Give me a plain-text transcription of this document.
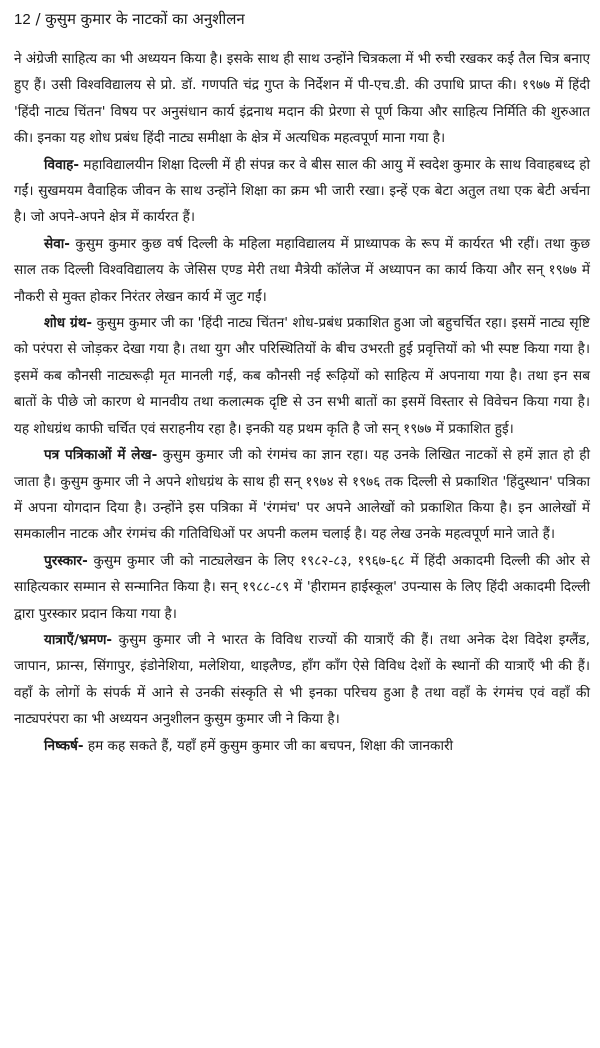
12 / कुसुम कुमार के नाटकों का अनुशीलन

ने अंग्रेजी साहित्य का भी अध्ययन किया है। इसके साथ ही साथ उन्होंने चित्रकला में भी रुची रखकर कई तैल चित्र बनाए हुए हैं। उसी विश्वविद्यालय से प्रो. डॉ. गणपति चंद्र गुप्त के निर्देशन में पी-एच.डी. की उपाधि प्राप्त की। १९७७ में हिंदी 'हिंदी नाट्य चिंतन' विषय पर अनुसंधान कार्य इंद्रनाथ मदान की प्रेरणा से पूर्ण किया और साहित्य निर्मिति की शुरुआत की। इनका यह शोध प्रबंध हिंदी नाट्य समीक्षा के क्षेत्र में अत्यधिक महत्वपूर्ण माना गया है।

विवाह- महाविद्यालयीन शिक्षा दिल्ली में ही संपन्न कर वे बीस साल की आयु में स्वदेश कुमार के साथ विवाहबध्द हो गईं। सुखमयम वैवाहिक जीवन के साथ उन्होंने शिक्षा का क्रम भी जारी रखा। इन्हें एक बेटा अतुल तथा एक बेटी अर्चना है। जो अपने-अपने क्षेत्र में कार्यरत हैं।

सेवा- कुसुम कुमार कुछ वर्ष दिल्ली के महिला महाविद्यालय में प्राध्यापक के रूप में कार्यरत भी रहीं। तथा कुछ साल तक दिल्ली विश्वविद्यालय के जेसिस एण्ड मेरी तथा मैत्रेयी कॉलेज में अध्यापन का कार्य किया और सन् १९७७ में नौकरी से मुक्त होकर निरंतर लेखन कार्य में जुट गईं।

शोध ग्रंथ- कुसुम कुमार जी का 'हिंदी नाट्य चिंतन' शोध-प्रबंध प्रकाशित हुआ जो बहुचर्चित रहा। इसमें नाट्य सृष्टि को परंपरा से जोड़कर देखा गया है। तथा युग और परिस्थितियों के बीच उभरती हुई प्रवृत्तियों को भी स्पष्ट किया गया है। इसमें कब कौनसी नाट्यरूढ़ी मृत मानली गई, कब कौनसी नई रूढ़ियों को साहित्य में अपनाया गया है। तथा इन सब बातों के पीछे जो कारण थे मानवीय तथा कलात्मक दृष्टि से उन सभी बातों का इसमें विस्तार से विवेचन किया गया है। यह शोधग्रंथ काफी चर्चित एवं सराहनीय रहा है। इनकी यह प्रथम कृति है जो सन् १९७७ में प्रकाशित हुई।

पत्र पत्रिकाओं में लेख- कुसुम कुमार जी को रंगमंच का ज्ञान रहा। यह उनके लिखित नाटकों से हमें ज्ञात हो ही जाता है। कुसुम कुमार जी ने अपने शोधग्रंथ के साथ ही सन् १९७४ से १९७६ तक दिल्ली से प्रकाशित 'हिंदुस्थान' पत्रिका में अपना योगदान दिया है। उन्होंने इस पत्रिका में 'रंगमंच' पर अपने आलेखों को प्रकाशित किया है। इन आलेखों में समकालीन नाटक और रंगमंच की गतिविधिओं पर अपनी कलम चलाई है। यह लेख उनके महत्वपूर्ण माने जाते हैं।

पुरस्कार- कुसुम कुमार जी को नाट्यलेखन के लिए १९८२-८३, १९६७-६८ में हिंदी अकादमी दिल्ली की ओर से साहित्यकार सम्मान से सन्मानित किया है। सन् १९८८-८९ में 'हीरामन हाईस्कूल' उपन्यास के लिए हिंदी अकादमी दिल्ली द्वारा पुरस्कार प्रदान किया गया है।

यात्राएँ/भ्रमण- कुसुम कुमार जी ने भारत के विविध राज्यों की यात्राएँ की हैं। तथा अनेक देश विदेश इग्लैंड, जापान, फ्रान्स, सिंगापुर, इंडोनेशिया, मलेशिया, थाइलैण्ड, हाँग काँग ऐसे विविध देशों के स्थानों की यात्राएँ भी की हैं। वहाँ के लोगों के संपर्क में आने से उनकी संस्कृति से भी इनका परिचय हुआ है तथा वहाँ के रंगमंच एवं वहाँ की नाट्यपरंपरा का भी अध्ययन अनुशीलन कुसुम कुमार जी ने किया है।

निष्कर्ष- हम कह सकते हैं, यहाँ हमें कुसुम कुमार जी का बचपन, शिक्षा की जानकारी
